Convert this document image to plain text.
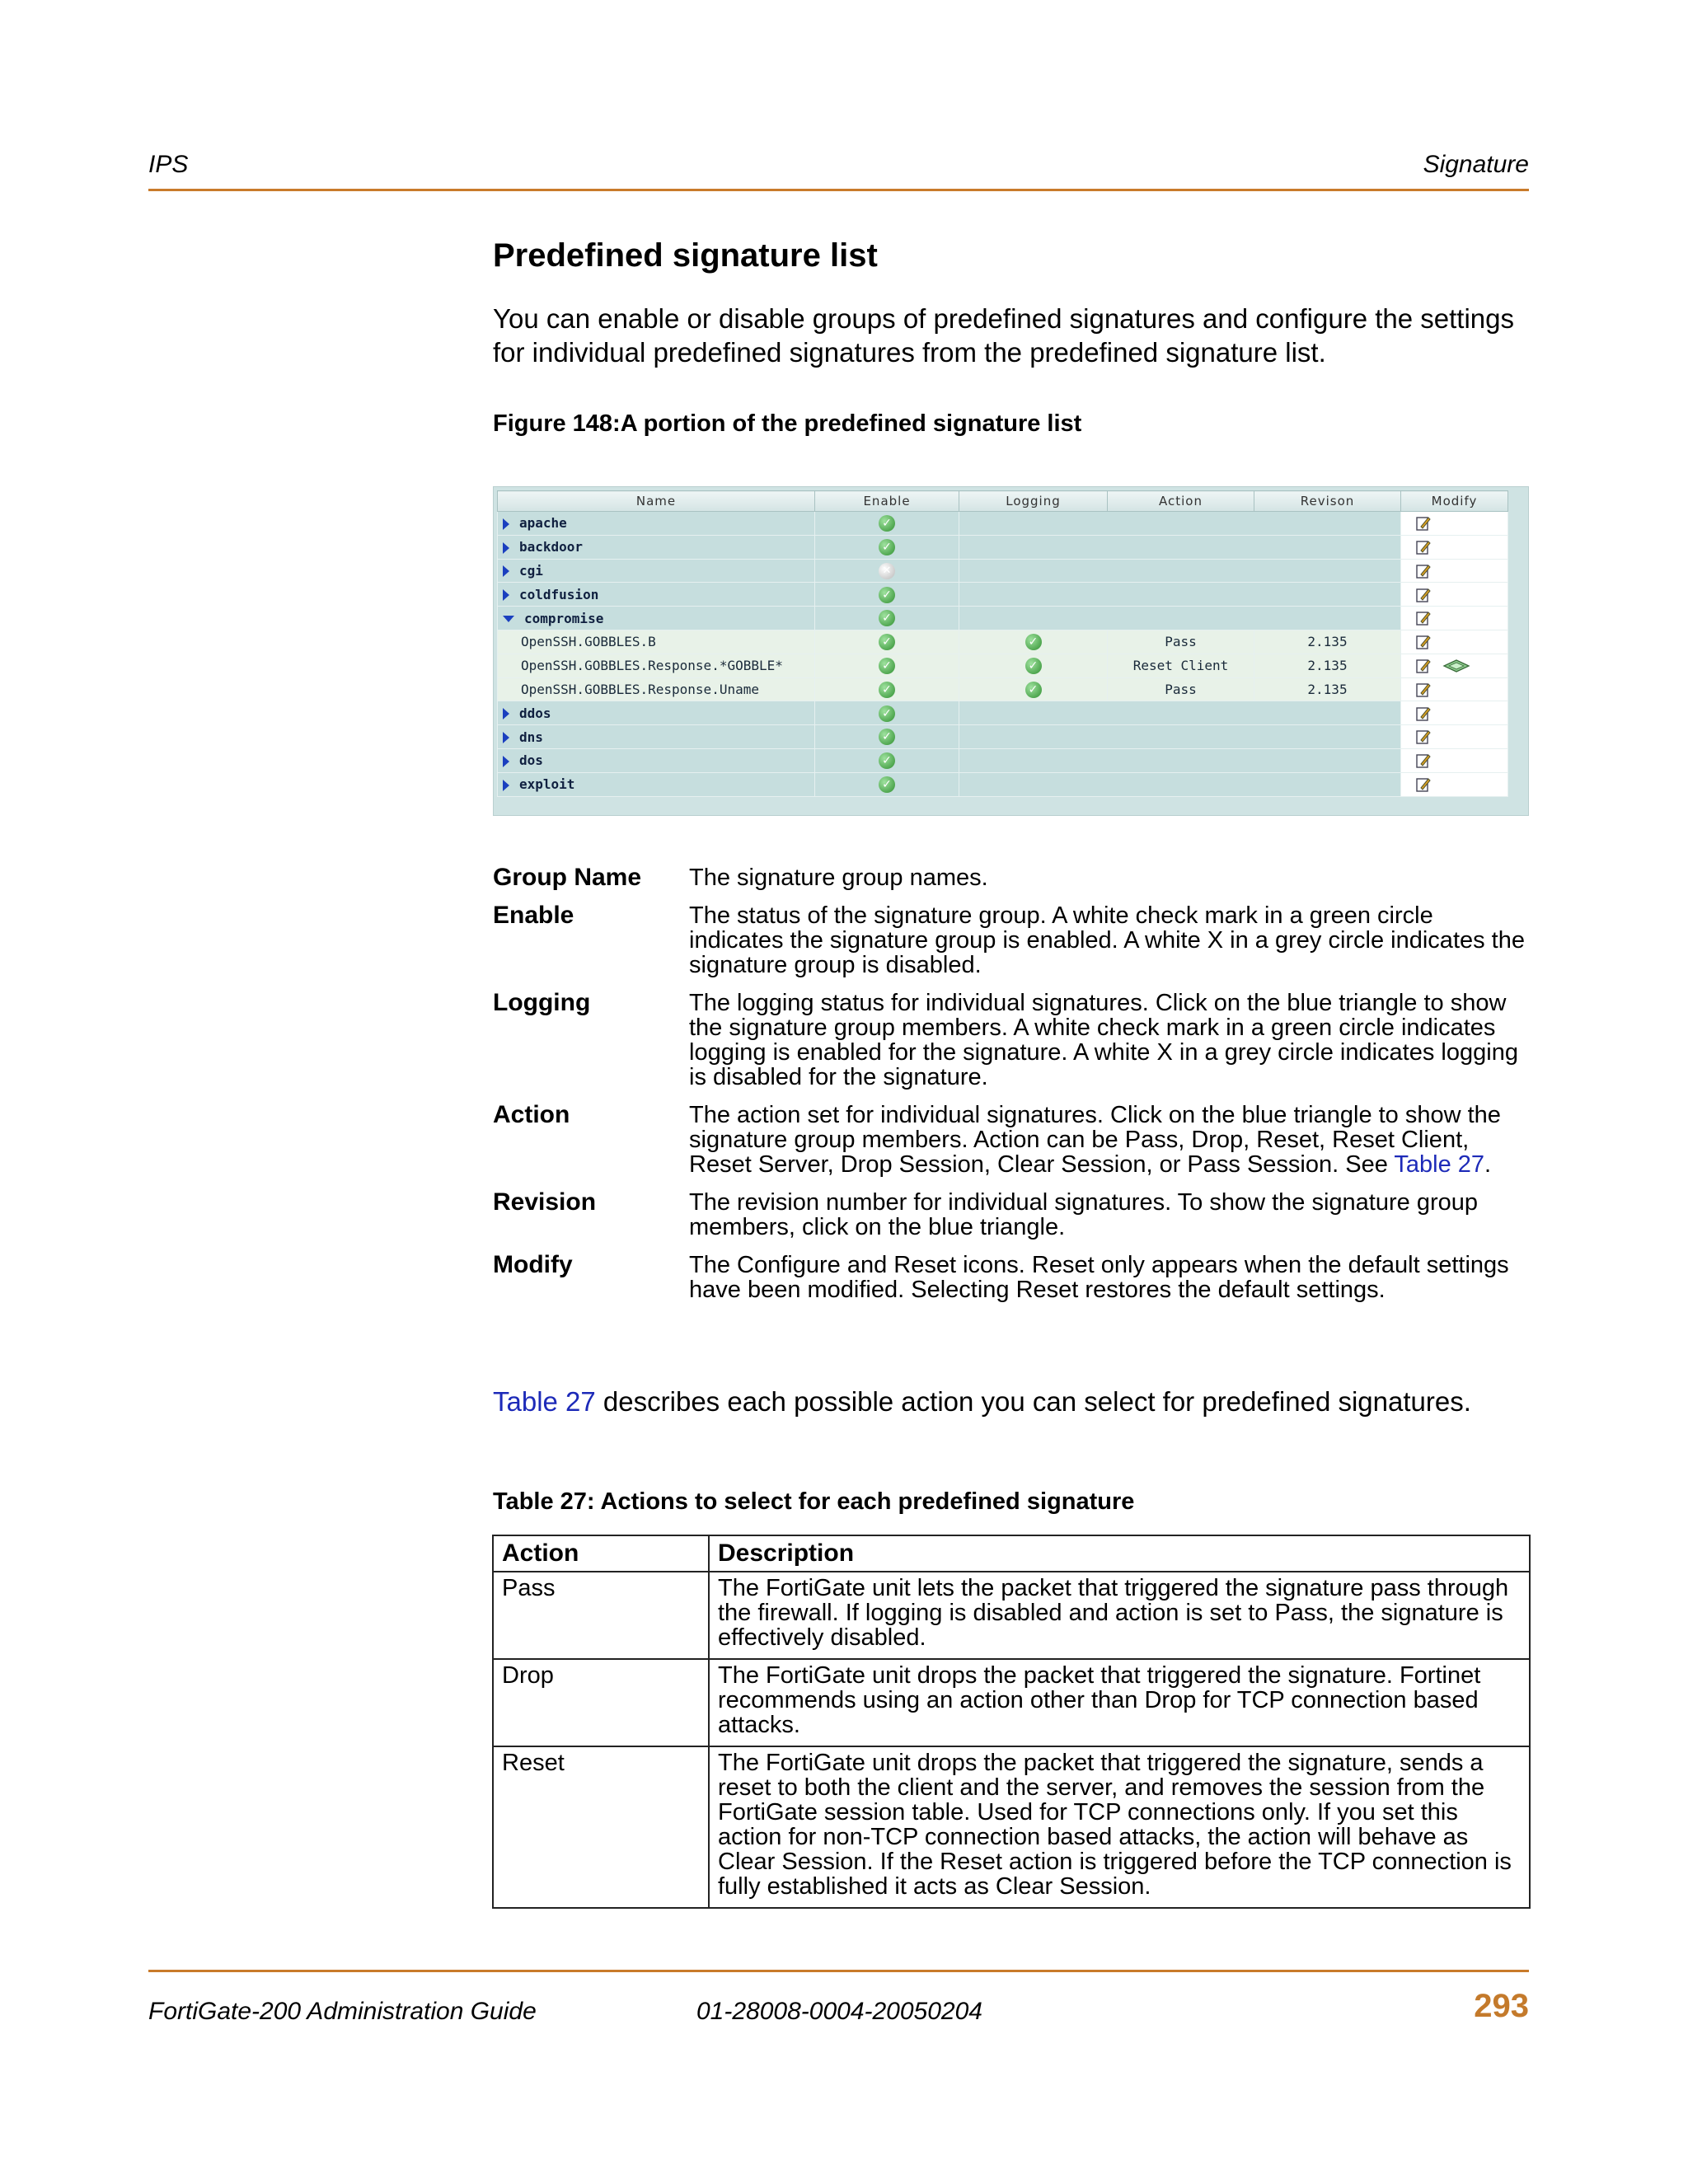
IPS	Signature
Predefined signature list

You can enable or disable groups of predefined signatures and configure the settings for individual predefined signatures from the predefined signature list.

Figure 148:A portion of the predefined signature list
Name	Enable	Logging	Action	Revison	Modify
apache	✓		
backdoor	✓		
cgi	✕		
coldfusion	✓		
compromise	✓		
OpenSSH.GOBBLES.B	✓	✓	Pass	2.135	
OpenSSH.GOBBLES.Response.*GOBBLE*	✓	✓	Reset Client	2.135	
OpenSSH.GOBBLES.Response.Uname	✓	✓	Pass	2.135	
ddos	✓		
dns	✓		
dos	✓		
exploit	✓		
Group Name	The signature group names.
Enable	The status of the signature group. A white check mark in a green circle indicates the signature group is enabled. A white X in a grey circle indicates the signature group is disabled.
Logging	The logging status for individual signatures. Click on the blue triangle to show the signature group members. A white check mark in a green circle indicates logging is enabled for the signature. A white X in a grey circle indicates logging is disabled for the signature.
Action	The action set for individual signatures. Click on the blue triangle to show the signature group members. Action can be Pass, Drop, Reset, Reset Client, Reset Server, Drop Session, Clear Session, or Pass Session. See Table 27.
Revision	The revision number for individual signatures. To show the signature group members, click on the blue triangle.
Modify	The Configure and Reset icons. Reset only appears when the default settings have been modified. Selecting Reset restores the default settings.
Table 27 describes each possible action you can select for predefined signatures.
Table 27: Actions to select for each predefined signature
Action	Description
Pass	The FortiGate unit lets the packet that triggered the signature pass through the firewall. If logging is disabled and action is set to Pass, the signature is effectively disabled.
Drop	The FortiGate unit drops the packet that triggered the signature. Fortinet recommends using an action other than Drop for TCP connection based attacks.
Reset	The FortiGate unit drops the packet that triggered the signature, sends a reset to both the client and the server, and removes the session from the FortiGate session table. Used for TCP connections only. If you set this action for non-TCP connection based attacks, the action will behave as Clear Session. If the Reset action is triggered before the TCP connection is fully established it acts as Clear Session.
FortiGate-200 Administration Guide	01-28008-0004-20050204	293
